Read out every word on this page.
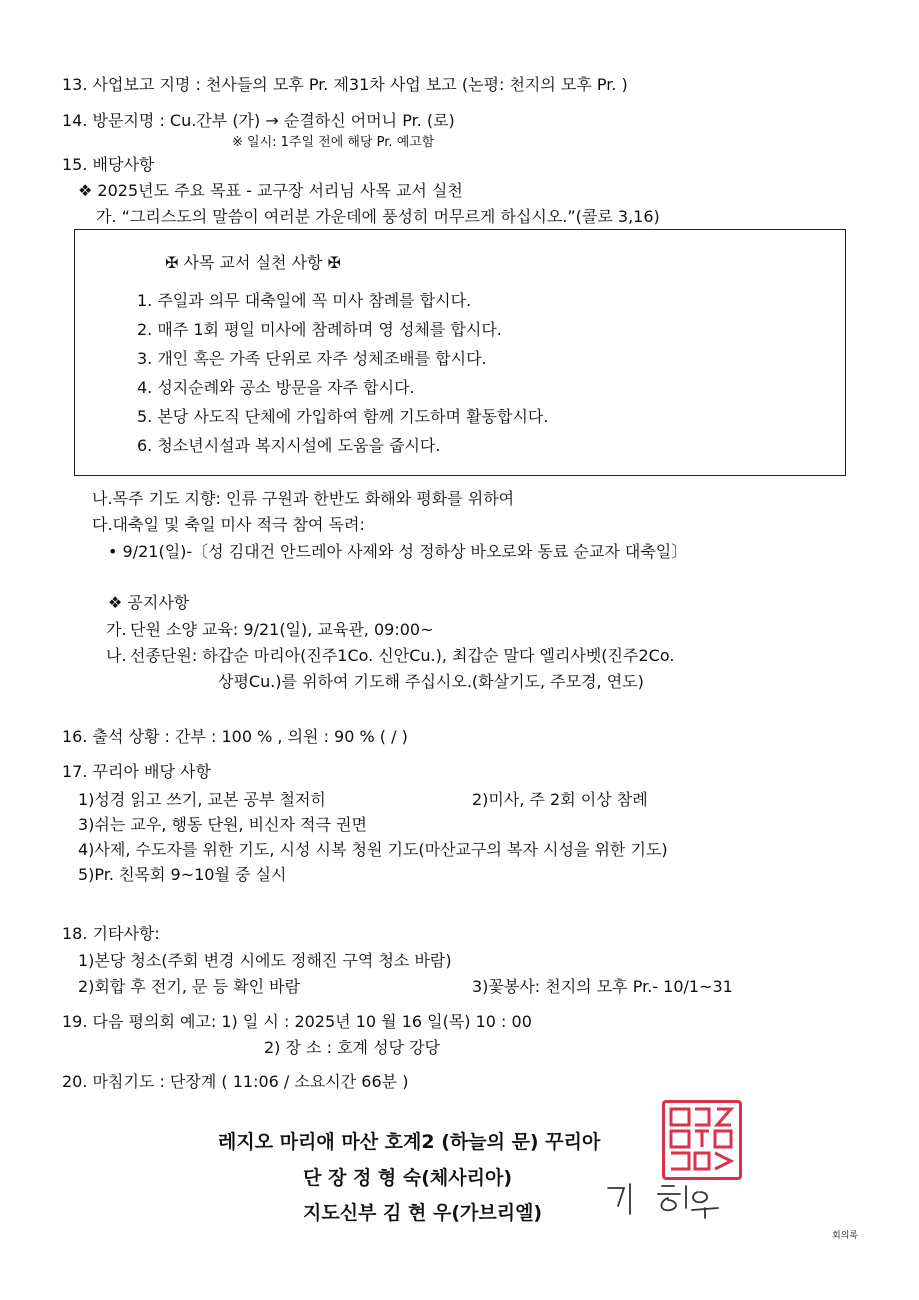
13. 사업보고 지명 : 천사들의 모후 Pr. 제31차 사업 보고 (논평: 천지의 모후 Pr. )
14. 방문지명 : Cu.간부 (가) → 순결하신 어머니 Pr. (로)
※ 일시: 1주일 전에 해당 Pr. 예고함
15. 배당사항
❖ 2025년도 주요 목표 - 교구장 서리님 사목 교서 실천
가. “그리스도의 말씀이 여러분 가운데에 풍성히 머무르게 하십시오.”(콜로 3,16)
✠ 사목 교서 실천 사항 ✠
1. 주일과 의무 대축일에 꼭 미사 참례를 합시다.
2. 매주 1회 평일 미사에 참례하며 영 성체를 합시다.
3. 개인 혹은 가족 단위로 자주 성체조배를 합시다.
4. 성지순례와 공소 방문을 자주 합시다.
5. 본당 사도직 단체에 가입하여 함께 기도하며 활동합시다.
6. 청소년시설과 복지시설에 도움을 줍시다.
나.목주 기도 지향: 인류 구원과 한반도 화해와 평화를 위하여
다.대축일 및 축일 미사 적극 참여 독려:
• 9/21(일)-〔성 김대건 안드레아 사제와 성 정하상 바오로와 동료 순교자 대축일〕
❖ 공지사항
가. 단원 소양 교육: 9/21(일), 교육관, 09:00~
나. 선종단원: 하갑순 마리아(진주1Co. 신안Cu.), 최갑순 말다 엘리사벳(진주2Co.
상평Cu.)를 위하여 기도해 주십시오.(화살기도, 주모경, 연도)
16. 출석 상황 : 간부 : 100 % , 의원 : 90 % ( / )
17. 꾸리아 배당 사항
1)성경 읽고 쓰기, 교본 공부 철저히	2)미사, 주 2회 이상 참례
3)쉬는 교우, 행동 단원, 비신자 적극 권면
4)사제, 수도자를 위한 기도, 시성 시복 청원 기도(마산교구의 복자 시성을 위한 기도)
5)Pr. 친목회 9~10월 중 실시
18. 기타사항:
1)본당 청소(주회 변경 시에도 정해진 구역 청소 바람)
2)회합 후 전기, 문 등 확인 바람	3)꽃봉사: 천지의 모후 Pr.- 10/1~31
19. 다음 평의회 예고: 1) 일 시 : 2025년 10 월 16 일(목) 10 : 00
2) 장 소 : 호계 성당 강당
20. 마침기도 : 단장계 ( 11:06 / 소요시간 66분 )
레지오 마리애 마산 호계2 (하늘의 문) 꾸리아
단 장 정 형 숙(체사리아)
지도신부 김 현 우(가브리엘)
회의록
